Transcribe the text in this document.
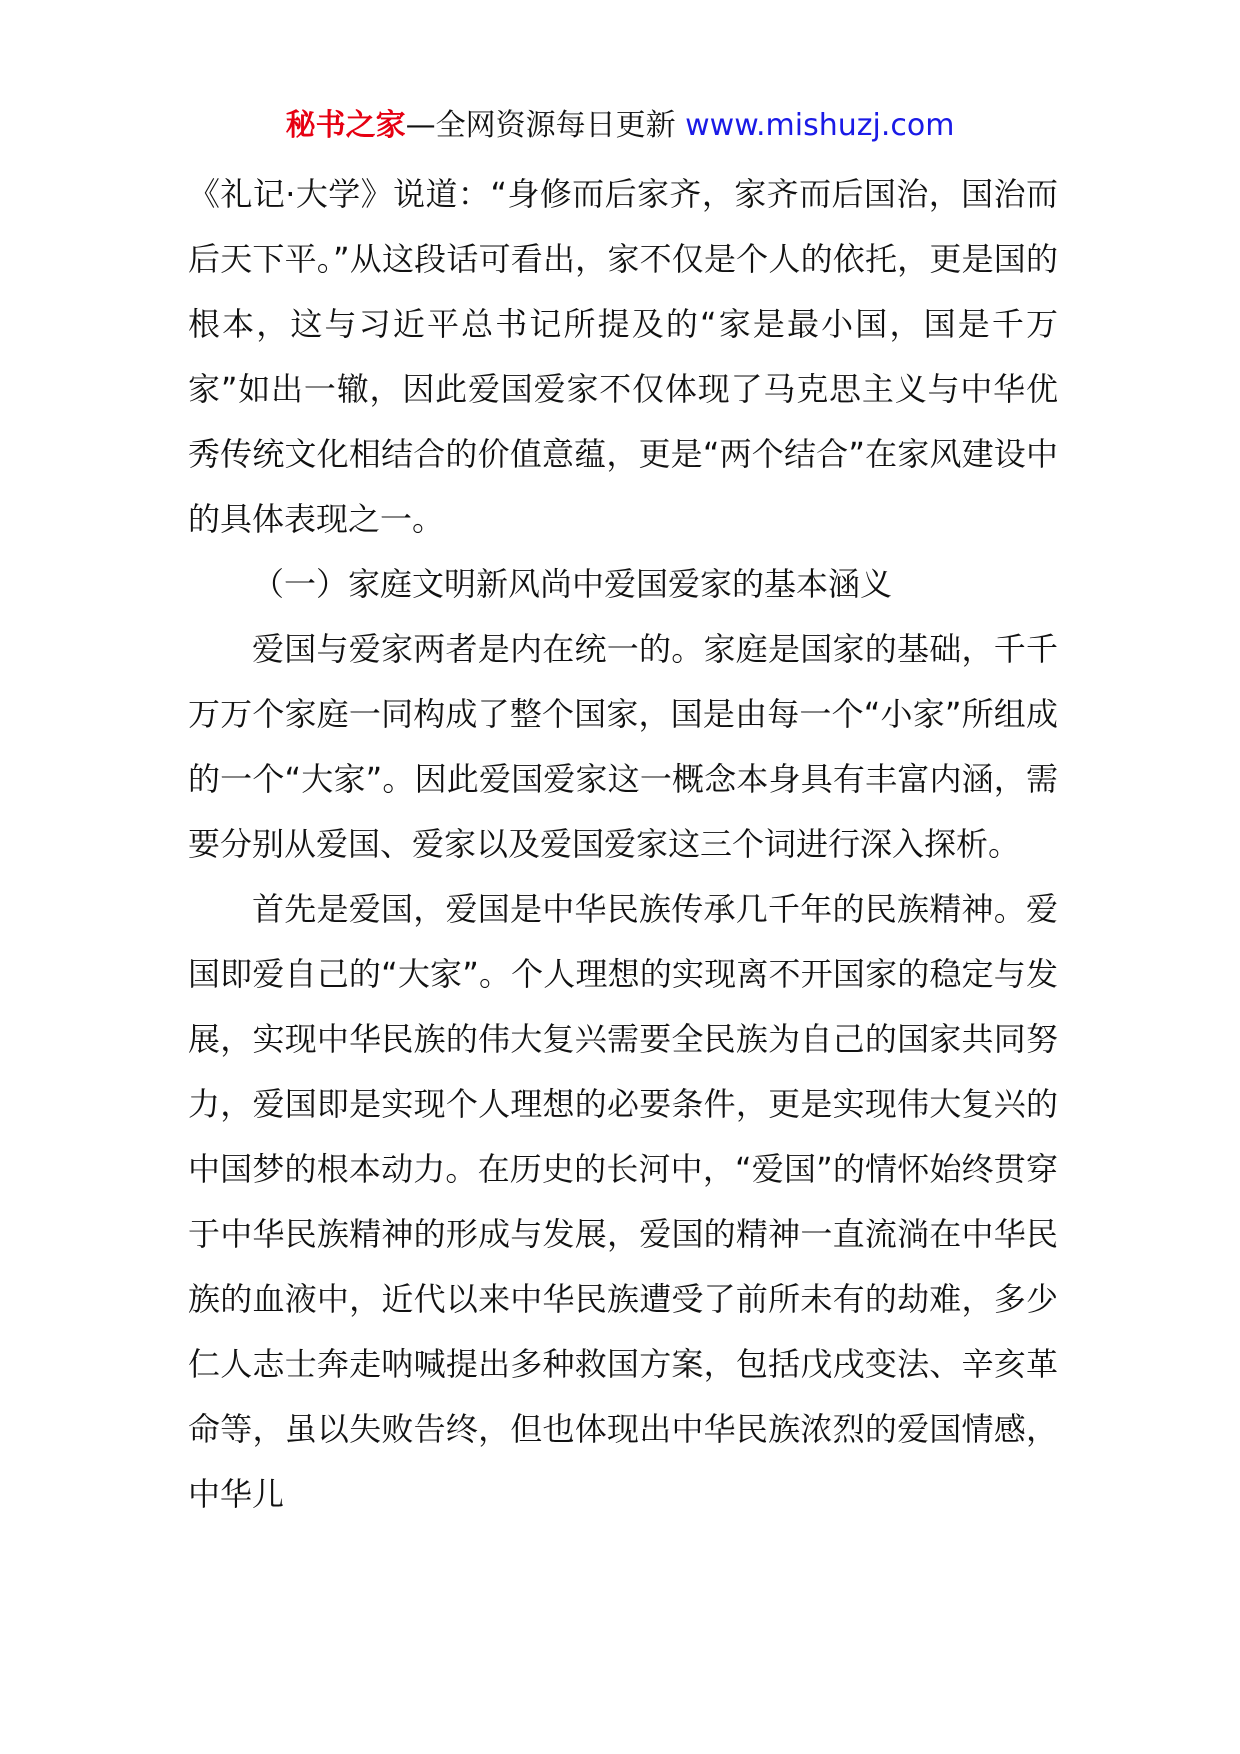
秘书之家—全网资源每日更新 www.mishuzj.com

《礼记·大学》说道：“身修而后家齐，家齐而后国治，国治而后天下平。”从这段话可看出，家不仅是个人的依托，更是国的根本，这与习近平总书记所提及的“家是最小国，国是千万家”如出一辙，因此爱国爱家不仅体现了马克思主义与中华优秀传统文化相结合的价值意蕴，更是“两个结合”在家风建设中的具体表现之一。

（一）家庭文明新风尚中爱国爱家的基本涵义

爱国与爱家两者是内在统一的。家庭是国家的基础，千千万万个家庭一同构成了整个国家，国是由每一个“小家”所组成的一个“大家”。因此爱国爱家这一概念本身具有丰富内涵，需要分别从爱国、爱家以及爱国爱家这三个词进行深入探析。

首先是爱国，爱国是中华民族传承几千年的民族精神。爱国即爱自己的“大家”。个人理想的实现离不开国家的稳定与发展，实现中华民族的伟大复兴需要全民族为自己的国家共同努力，爱国即是实现个人理想的必要条件，更是实现伟大复兴的中国梦的根本动力。在历史的长河中，“爱国”的情怀始终贯穿于中华民族精神的形成与发展，爱国的精神一直流淌在中华民族的血液中，近代以来中华民族遭受了前所未有的劫难，多少仁人志士奔走呐喊提出多种救国方案，包括戊戌变法、辛亥革命等，虽以失败告终，但也体现出中华民族浓烈的爱国情感，中华儿
